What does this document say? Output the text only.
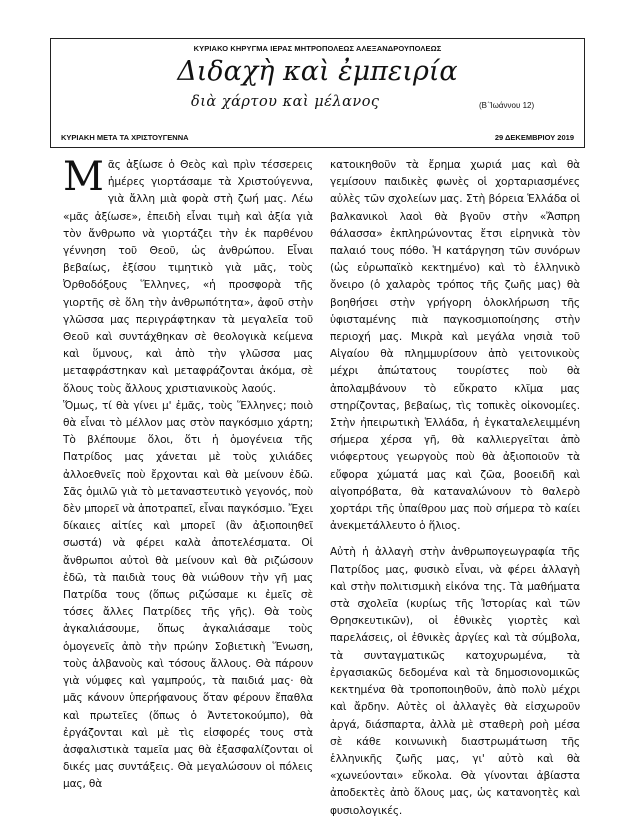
ΚΥΡΙΑΚΟ ΚΗΡΥΓΜΑ ΙΕΡΑΣ ΜΗΤΡΟΠΟΛΕΩΣ ΑΛΕΞΑΝΔΡΟΥΠΟΛΕΩΣ
Διδαχὴ καὶ ἐμπειρία
διὰ χάρτου καὶ μέλανος	(Β΄Ἰωάννου 12)
ΚΥΡΙΑΚΗ ΜΕΤΑ ΤΑ ΧΡΙΣΤΟΥΓΕΝΝΑ	29 ΔΕΚΕΜΒΡΙΟΥ 2019

Μᾶς ἀξίωσε ὁ Θεὸς καὶ πρὶν τέσσερεις ἡμέρες γιορτάσαμε τὰ Χριστούγεννα, γιὰ ἄλλη μιὰ φορὰ στὴ ζωή μας. Λέω «μᾶς ἀξίωσε», ἐπειδὴ εἶναι τιμὴ καὶ ἀξία γιὰ τὸν ἄνθρωπο νὰ γιορτάζει τὴν ἐκ παρθένου γέννηση τοῦ Θεοῦ, ὡς ἀνθρώπου. Εἶναι βεβαίως, ἐξίσου τιμητικὸ γιὰ μᾶς, τοὺς Ὀρθοδόξους Ἕλληνες, «ἡ προσφορὰ τῆς γιορτῆς σὲ ὅλη τὴν ἀνθρωπότητα», ἀφοῦ στὴν γλῶσσα μας περιγράφτηκαν τὰ μεγαλεῖα τοῦ Θεοῦ καὶ συντάχθηκαν σὲ θεολογικὰ κείμενα καὶ ὕμνους, καὶ ἀπὸ τὴν γλῶσσα μας μεταφράστηκαν καὶ μεταφράζονται ἀκόμα, σὲ ὅλους τοὺς ἄλλους χριστιανικοὺς λαούς.

Ὅμως, τί θὰ γίνει μ' ἐμᾶς, τοὺς Ἕλληνες; ποιὸ θὰ εἶναι τὸ μέλλον μας στὸν παγκόσμιο χάρτη; Τὸ βλέπουμε ὅλοι, ὅτι ἡ ὁμογένεια τῆς Πατρίδος μας χάνεται μὲ τοὺς χιλιάδες ἀλλοεθνεῖς ποὺ ἔρχονται καὶ θὰ μείνουν ἐδῶ. Σᾶς ὁμιλῶ γιὰ τὸ μεταναστευτικὸ γεγονός, ποὺ δὲν μπορεῖ νὰ ἀποτραπεῖ, εἶναι παγκόσμιο. Ἔχει δίκαιες αἰτίες καὶ μπορεῖ (ἂν ἀξιοποιηθεῖ σωστά) νὰ φέρει καλὰ ἀποτελέσματα. Οἱ ἄνθρωποι αὐτοὶ θὰ μείνουν καὶ θὰ ριζώσουν ἐδῶ, τὰ παιδιὰ τους θὰ νιώθουν τὴν γῆ μας Πατρίδα τους (ὅπως ριζώσαμε κι ἐμεῖς σὲ τόσες ἄλλες Πατρίδες τῆς γῆς). Θὰ τοὺς ἀγκαλιάσουμε, ὅπως ἀγκαλιάσαμε τοὺς ὁμογενεῖς ἀπὸ τὴν πρώην Σοβιετικὴ Ἕνωση, τοὺς ἀλβανοὺς καὶ τόσους ἄλλους. Θὰ πάρουν γιὰ νύμφες καὶ γαμπρούς, τὰ παιδιά μας· θὰ μᾶς κάνουν ὑπερήφανους ὅταν φέρουν ἔπαθλα καὶ πρωτεῖες (ὅπως ὁ Ἀντετοκούμπο), θὰ ἐργάζονται καὶ μὲ τὶς εἰσφορές τους στὰ ἀσφαλιστικὰ ταμεῖα μας θὰ ἐξασφαλίζονται οἱ δικές μας συντάξεις. Θὰ μεγαλώσουν οἱ πόλεις μας, θὰ

κατοικηθοῦν τὰ ἔρημα χωριά μας καὶ θὰ γεμίσουν παιδικὲς φωνὲς οἱ χορταριασμένες αὐλὲς τῶν σχολείων μας. Στὴ βόρεια Ἑλλάδα οἱ βαλκανικοὶ λαοὶ θὰ βγοῦν στὴν «Ἄσπρη θάλασσα» ἐκπληρώνοντας ἔτσι εἰρηνικὰ τὸν παλαιό τους πόθο. Ἡ κατάργηση τῶν συνόρων (ὡς εὐρωπαϊκὸ κεκτημένο) καὶ τὸ ἑλληνικὸ ὄνειρο (ὁ χαλαρὸς τρόπος τῆς ζωῆς μας) θὰ βοηθήσει στὴν γρήγορη ὁλοκλήρωση τῆς ὑφισταμένης πιὰ παγκοσμιοποίησης στὴν περιοχή μας. Μικρὰ καὶ μεγάλα νησιὰ τοῦ Αἰγαίου θὰ πλημμυρίσουν ἀπὸ γειτονικοὺς μέχρι ἀπώτατους τουρίστες ποὺ θὰ ἀπολαμβάνουν τὸ εὔκρατο κλῖμα μας στηρίζοντας, βεβαίως, τὶς τοπικὲς οἰκονομίες. Στὴν ἠπειρωτικὴ Ἑλλάδα, ἡ ἐγκαταλελειμμένη σήμερα χέρσα γῆ, θὰ καλλιεργεῖται ἀπὸ νιόφερτους γεωργοὺς ποὺ θὰ ἀξιοποιοῦν τὰ εὔφορα χώματά μας καὶ ζῶα, βοοειδῆ καὶ αἰγοπρόβατα, θὰ καταναλώνουν τὸ θαλερὸ χορτάρι τῆς ὑπαίθρου μας ποὺ σήμερα τὸ καίει ἀνεκμετάλλευτο ὁ ἥλιος.

Αὐτὴ ἡ ἀλλαγὴ στὴν ἀνθρωπογεωγραφία τῆς Πατρίδος μας, φυσικὸ εἶναι, νὰ φέρει ἀλλαγὴ καὶ στὴν πολιτισμικὴ εἰκόνα της. Τὰ μαθήματα στὰ σχολεῖα (κυρίως τῆς Ἱστορίας καὶ τῶν Θρησκευτικῶν), οἱ ἐθνικὲς γιορτὲς καὶ παρελάσεις, οἱ ἐθνικὲς ἀργίες καὶ τὰ σύμβολα, τὰ συνταγματικῶς κατοχυρωμένα, τὰ ἐργασιακῶς δεδομένα καὶ τὰ δημοσιονομικῶς κεκτημένα θὰ τροποποιηθοῦν, ἀπὸ πολὺ μέχρι καὶ ἄρδην. Αὐτὲς οἱ ἀλλαγὲς θὰ εἰσχωροῦν ἀργά, διάσπαρτα, ἀλλὰ μὲ σταθερὴ ροὴ μέσα σὲ κάθε κοινωνικὴ διαστρωμάτωση τῆς ἑλληνικῆς ζωῆς μας, γι' αὐτὸ καὶ θὰ «χωνεύονται» εὔκολα. Θὰ γίνονται ἀβίαστα ἀποδεκτὲς ἀπὸ ὅλους μας, ὡς κατανοητὲς καὶ φυσιολογικές.
